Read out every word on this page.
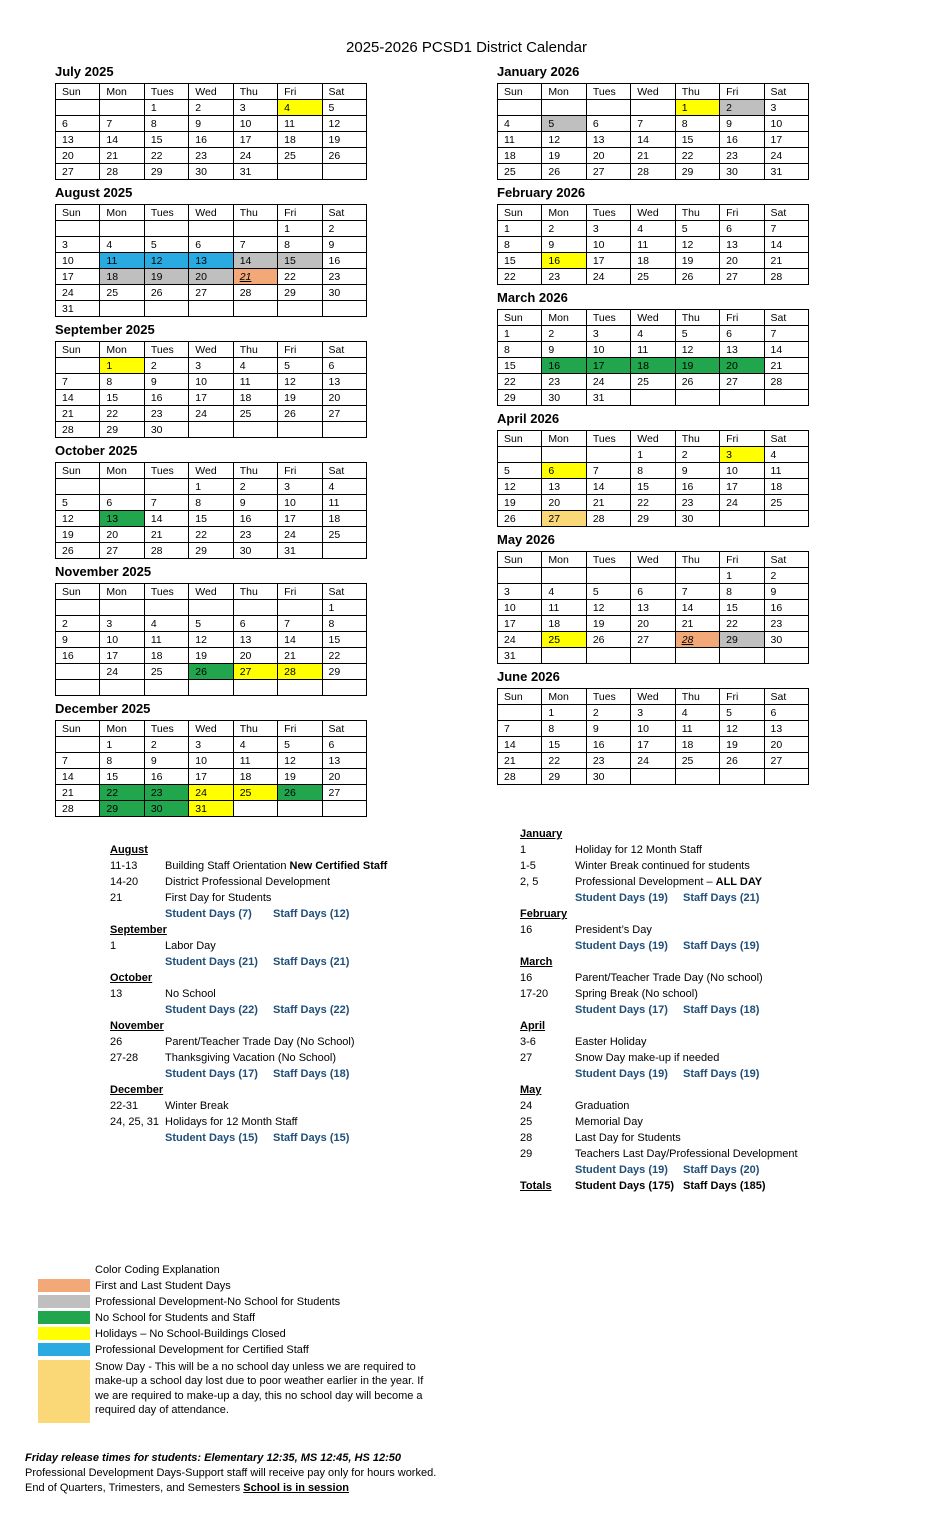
2025-2026 PCSD1 District Calendar
July 2025
Sun	Mon	Tues	Wed	Thu	Fri	Sat
		1	2	3	4	5
6	7	8	9	10	11	12
13	14	15	16	17	18	19
20	21	22	23	24	25	26
27	28	29	30	31		
August 2025
Sun	Mon	Tues	Wed	Thu	Fri	Sat
					1	2
3	4	5	6	7	8	9
10	11	12	13	14	15	16
17	18	19	20	21	22	23
24	25	26	27	28	29	30
31						
September 2025
Sun	Mon	Tues	Wed	Thu	Fri	Sat
	1	2	3	4	5	6
7	8	9	10	11	12	13
14	15	16	17	18	19	20
21	22	23	24	25	26	27
28	29	30				
October 2025
Sun	Mon	Tues	Wed	Thu	Fri	Sat
			1	2	3	4
5	6	7	8	9	10	11
12	13	14	15	16	17	18
19	20	21	22	23	24	25
26	27	28	29	30	31	
November 2025
Sun	Mon	Tues	Wed	Thu	Fri	Sat
						1
2	3	4	5	6	7	8
9	10	11	12	13	14	15
16	17	18	19	20	21	22
	24	25	26	27	28	29

December 2025
Sun	Mon	Tues	Wed	Thu	Fri	Sat
	1	2	3	4	5	6
7	8	9	10	11	12	13
14	15	16	17	18	19	20
21	22	23	24	25	26	27
28	29	30	31			
January 2026
Sun	Mon	Tues	Wed	Thu	Fri	Sat
				1	2	3
4	5	6	7	8	9	10
11	12	13	14	15	16	17
18	19	20	21	22	23	24
25	26	27	28	29	30	31
February 2026
Sun	Mon	Tues	Wed	Thu	Fri	Sat
1	2	3	4	5	6	7
8	9	10	11	12	13	14
15	16	17	18	19	20	21
22	23	24	25	26	27	28
March 2026
Sun	Mon	Tues	Wed	Thu	Fri	Sat
1	2	3	4	5	6	7
8	9	10	11	12	13	14
15	16	17	18	19	20	21
22	23	24	25	26	27	28
29	30	31				
April 2026
Sun	Mon	Tues	Wed	Thu	Fri	Sat
			1	2	3	4
5	6	7	8	9	10	11
12	13	14	15	16	17	18
19	20	21	22	23	24	25
26	27	28	29	30		
May 2026
Sun	Mon	Tues	Wed	Thu	Fri	Sat
					1	2
3	4	5	6	7	8	9
10	11	12	13	14	15	16
17	18	19	20	21	22	23
24	25	26	27	28	29	30
31						
June 2026
Sun	Mon	Tues	Wed	Thu	Fri	Sat
	1	2	3	4	5	6
7	8	9	10	11	12	13
14	15	16	17	18	19	20
21	22	23	24	25	26	27
28	29	30				
August
11-13	Building Staff Orientation New Certified Staff
14-20	District Professional Development
21	First Day for Students
Student Days (7)	Staff Days (12)
September
1	Labor Day
Student Days (21)	Staff Days (21)
October
13	No School
Student Days (22)	Staff Days (22)
November
26	Parent/Teacher Trade Day (No School)
27-28	Thanksgiving Vacation (No School)
Student Days (17)	Staff Days (18)
December
22-31	Winter Break
24, 25, 31 Holidays for 12 Month Staff
Student Days (15)	Staff Days (15)
January
1	Holiday for 12 Month Staff
1-5	Winter Break continued for students
2, 5	Professional Development – ALL DAY
Student Days (19)	Staff Days (21)
February
16	President’s Day
Student Days (19)	Staff Days (19)
March
16	Parent/Teacher Trade Day (No school)
17-20	Spring Break (No school)
Student Days (17)	Staff Days (18)
April
3-6	Easter Holiday
27	Snow Day make-up if needed
Student Days (19)	Staff Days (19)
May
24	Graduation
25	Memorial Day
28	Last Day for Students
29	Teachers Last Day/Professional Development
Student Days (19)	Staff Days (20)
Totals	Student Days (175) Staff Days (185)
Color Coding Explanation
First and Last Student Days
Professional Development-No School for Students
No School for Students and Staff
Holidays – No School-Buildings Closed
Professional Development for Certified Staff
Snow Day - This will be a no school day unless we are required to make-up a school day lost due to poor weather earlier in the year. If we are required to make-up a day, this no school day will become a required day of attendance.
Friday release times for students: Elementary 12:35, MS 12:45, HS 12:50
Professional Development Days-Support staff will receive pay only for hours worked.
End of Quarters, Trimesters, and Semesters School is in session
